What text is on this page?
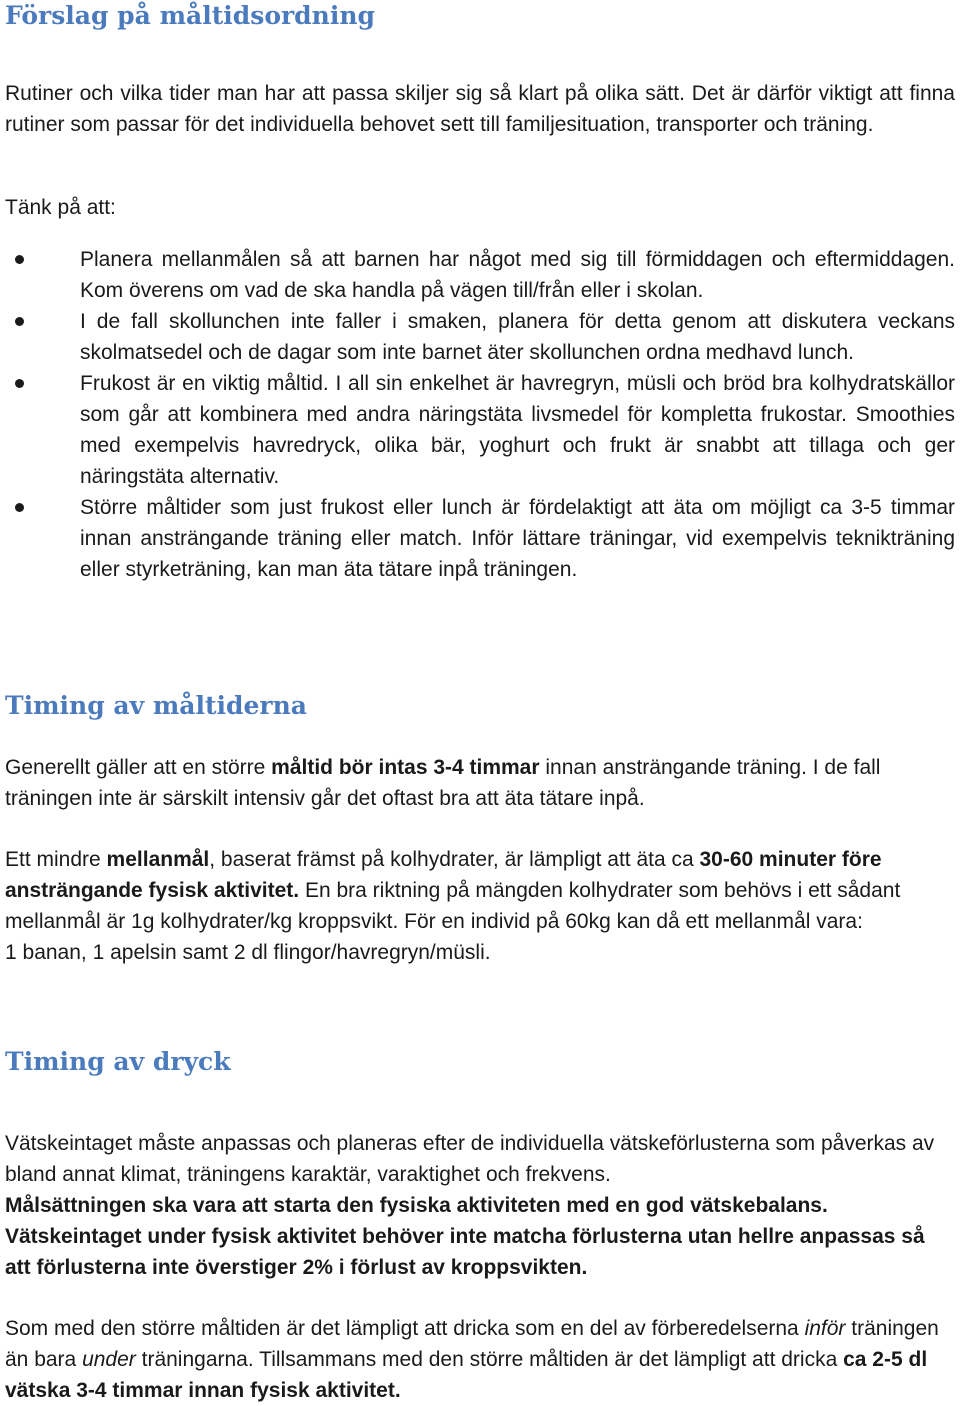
Förslag på måltidsordning

Rutiner och vilka tider man har att passa skiljer sig så klart på olika sätt. Det är därför viktigt att finna rutiner som passar för det individuella behovet sett till familjesituation, transporter och träning.

Tänk på att:

Planera mellanmålen så att barnen har något med sig till förmiddagen och eftermiddagen. Kom överens om vad de ska handla på vägen till/från eller i skolan.
I de fall skollunchen inte faller i smaken, planera för detta genom att diskutera veckans skolmatsedel och de dagar som inte barnet äter skollunchen ordna medhavd lunch.
Frukost är en viktig måltid. I all sin enkelhet är havregryn, müsli och bröd bra kolhydratskällor som går att kombinera med andra näringstäta livsmedel för kompletta frukostar. Smoothies med exempelvis havredryck, olika bär, yoghurt och frukt är snabbt att tillaga och ger näringstäta alternativ.
Större måltider som just frukost eller lunch är fördelaktigt att äta om möjligt ca 3-5 timmar innan ansträngande träning eller match. Inför lättare träningar, vid exempelvis teknikträning eller styrketräning, kan man äta tätare inpå träningen.
Timing av måltiderna

Generellt gäller att en större måltid bör intas 3-4 timmar innan ansträngande träning. I de fall träningen inte är särskilt intensiv går det oftast bra att äta tätare inpå.

Ett mindre mellanmål, baserat främst på kolhydrater, är lämpligt att äta ca 30-60 minuter före ansträngande fysisk aktivitet. En bra riktning på mängden kolhydrater som behövs i ett sådant mellanmål är 1g kolhydrater/kg kroppsvikt. För en individ på 60kg kan då ett mellanmål vara:
1 banan, 1 apelsin samt 2 dl flingor/havregryn/müsli.

Timing av dryck

Vätskeintaget måste anpassas och planeras efter de individuella vätskeförlusterna som påverkas av bland annat klimat, träningens karaktär, varaktighet och frekvens.
Målsättningen ska vara att starta den fysiska aktiviteten med en god vätskebalans.
Vätskeintaget under fysisk aktivitet behöver inte matcha förlusterna utan hellre anpassas så att förlusterna inte överstiger 2% i förlust av kroppsvikten.

Som med den större måltiden är det lämpligt att dricka som en del av förberedelserna inför träningen än bara under träningarna. Tillsammans med den större måltiden är det lämpligt att dricka ca 2-5 dl vätska 3-4 timmar innan fysisk aktivitet.
